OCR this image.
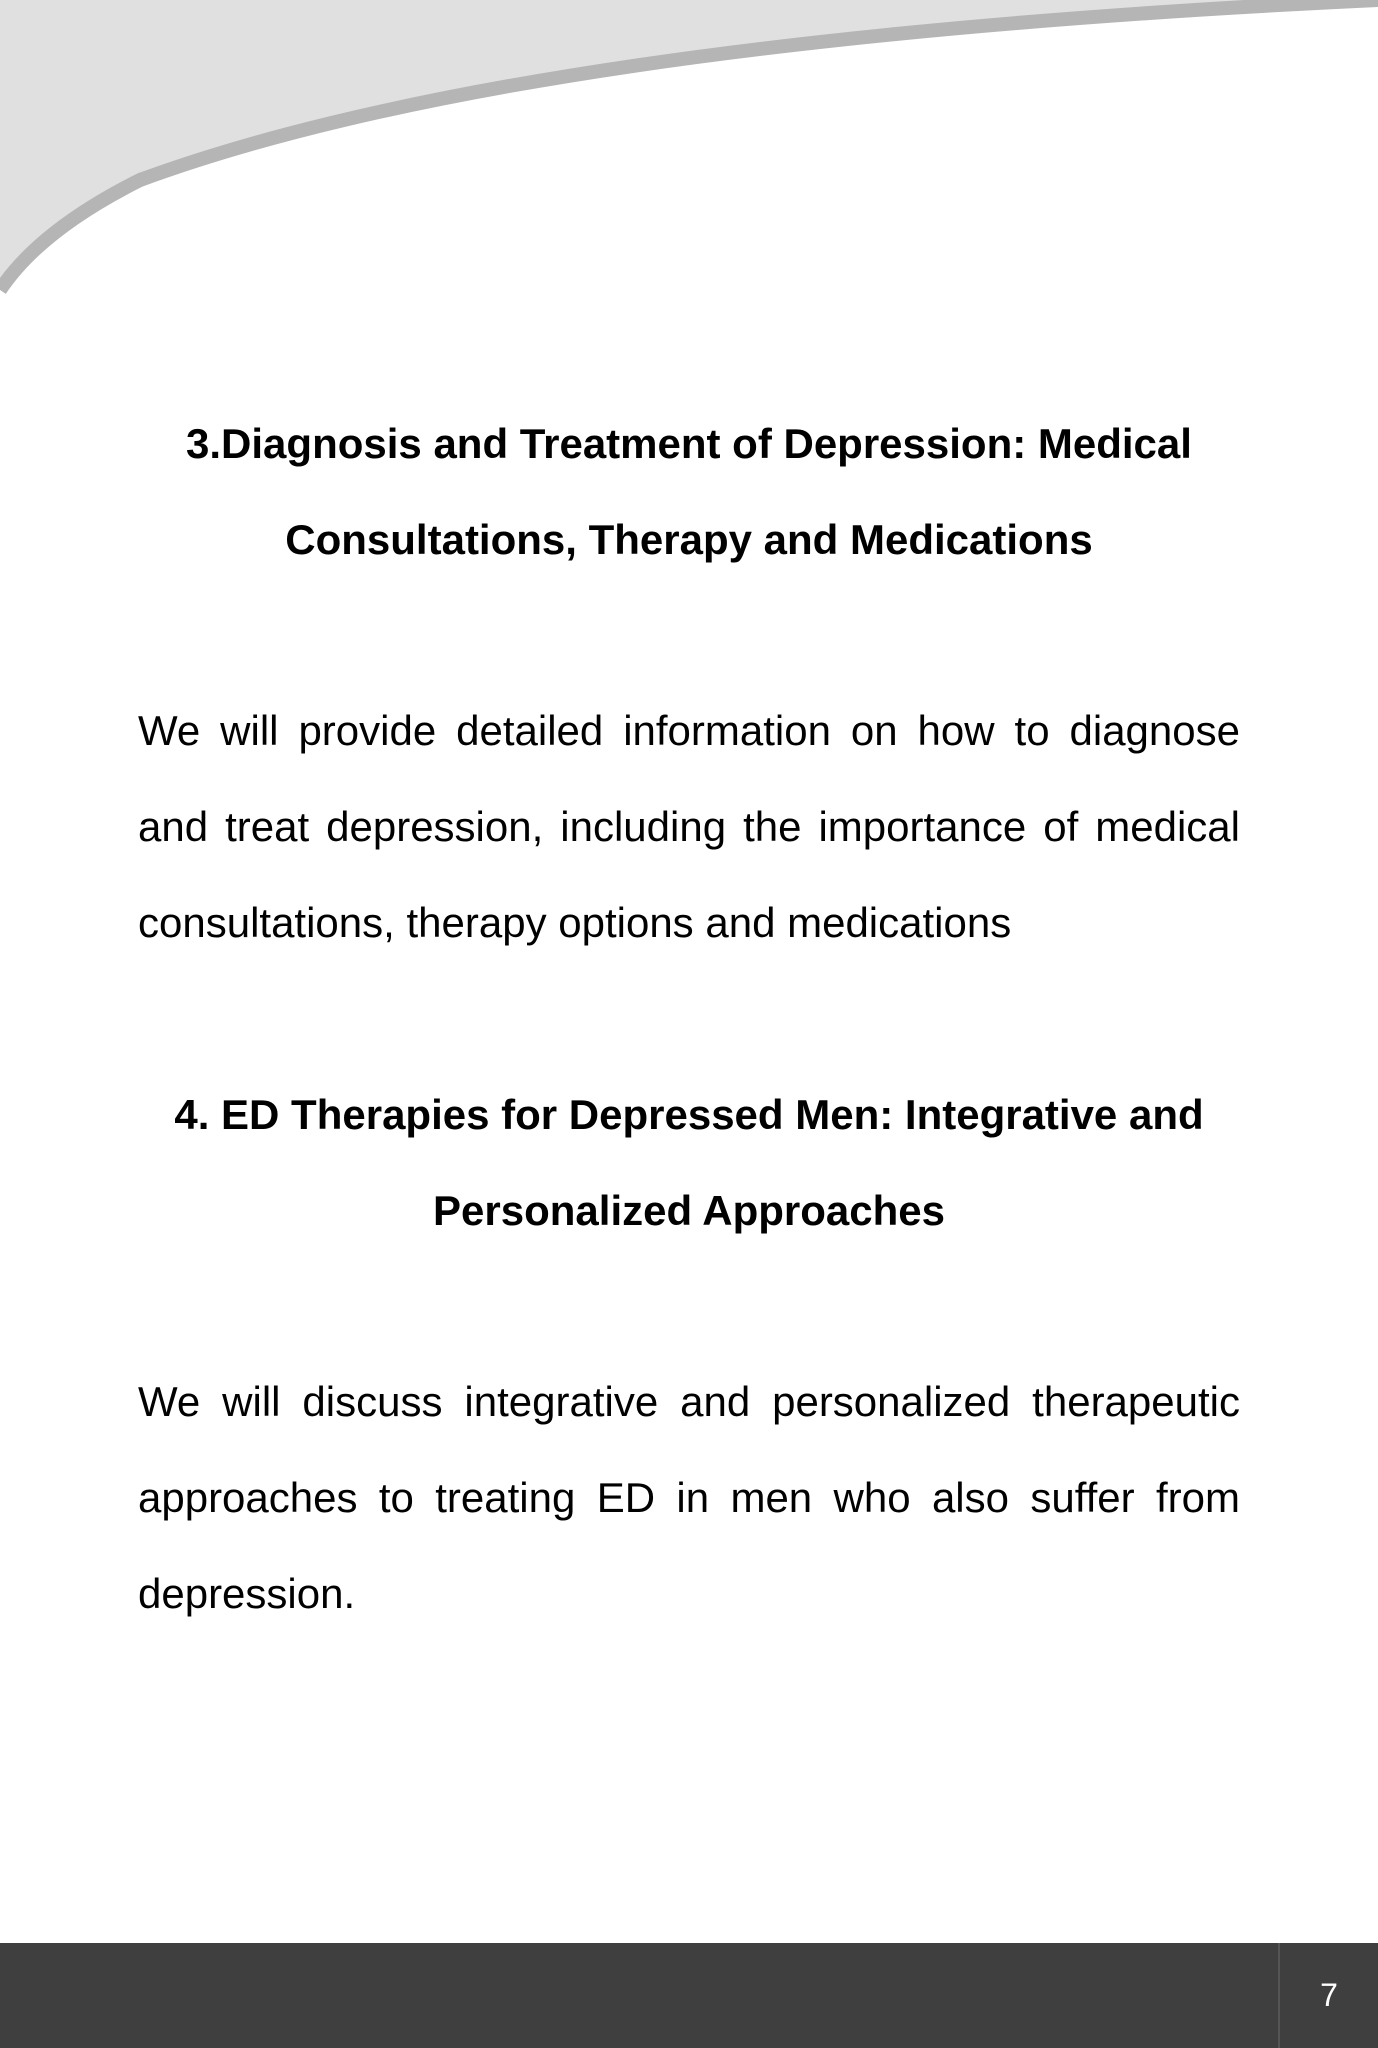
3.Diagnosis and Treatment of Depression: Medical Consultations, Therapy and Medications

We will provide detailed information on how to diagnose and treat depression, including the importance of medical consultations, therapy options and medications

4. ED Therapies for Depressed Men: Integrative and Personalized Approaches

We will discuss integrative and personalized therapeutic approaches to treating ED in men who also suffer from depression.

7
